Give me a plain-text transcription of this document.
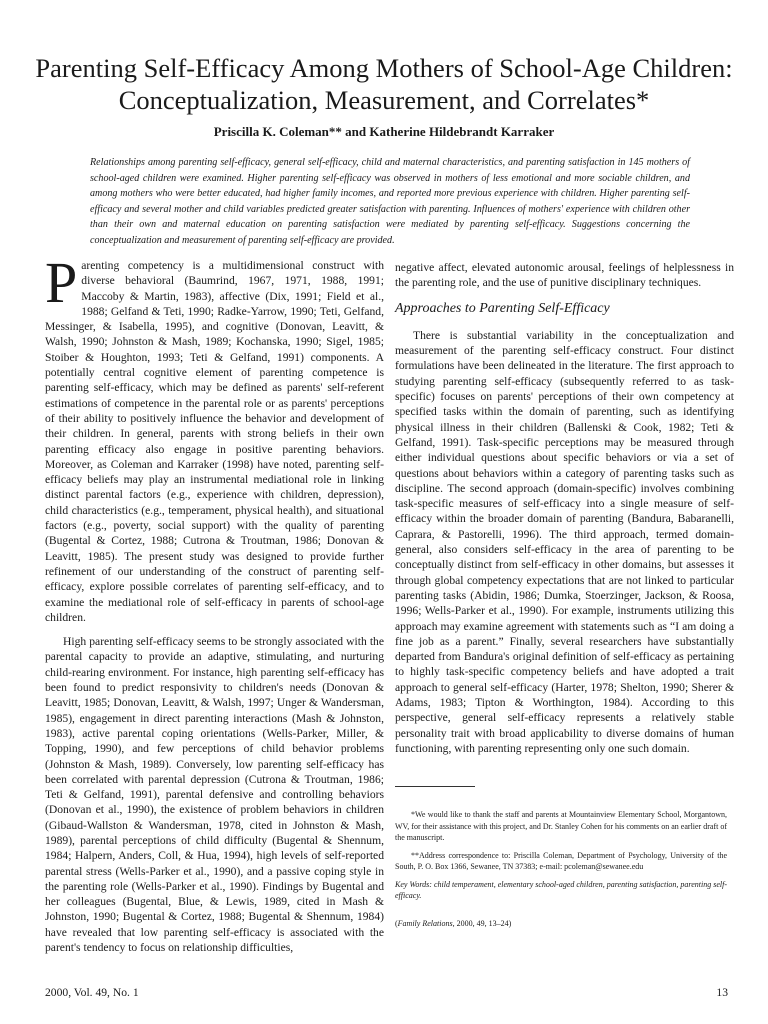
Parenting Self-Efficacy Among Mothers of School-Age Children:
Conceptualization, Measurement, and Correlates*
Priscilla K. Coleman** and Katherine Hildebrandt Karraker

Relationships among parenting self-efficacy, general self-efficacy, child and maternal characteristics, and parenting satisfaction in 145 mothers of school-aged children were examined. Higher parenting self-efficacy was observed in mothers of less emotional and more sociable children, and among mothers who were better educated, had higher family incomes, and reported more previous experience with children. Higher parenting self-efficacy and several mother and child variables predicted greater satisfaction with parenting. Influences of mothers' experience with children other than their own and maternal education on parenting satisfaction were mediated by parenting self-efficacy. Suggestions concerning the conceptualization and measurement of parenting self-efficacy are provided.

Parenting competency is a multidimensional construct with diverse behavioral (Baumrind, 1967, 1971, 1988, 1991; Maccoby & Martin, 1983), affective (Dix, 1991; Field et al., 1988; Gelfand & Teti, 1990; Radke-Yarrow, 1990; Teti, Gelfand, Messinger, & Isabella, 1995), and cognitive (Donovan, Leavitt, & Walsh, 1990; Johnston & Mash, 1989; Kochanska, 1990; Sigel, 1985; Stoiber & Houghton, 1993; Teti & Gelfand, 1991) components. A potentially central cognitive element of parenting competence is parenting self-efficacy, which may be defined as parents' self-referent estimations of competence in the parental role or as parents' perceptions of their ability to positively influence the behavior and development of their children. In general, parents with strong beliefs in their own parenting efficacy also engage in positive parenting behaviors. Moreover, as Coleman and Karraker (1998) have noted, parenting self-efficacy beliefs may play an instrumental mediational role in linking distinct parental factors (e.g., experience with children, depression), child characteristics (e.g., temperament, physical health), and situational factors (e.g., poverty, social support) with the quality of parenting (Bugental & Cortez, 1988; Cutrona & Troutman, 1986; Donovan & Leavitt, 1985). The present study was designed to provide further refinement of our understanding of the construct of parenting self-efficacy, explore possible correlates of parenting self-efficacy, and to examine the mediational role of self-efficacy in parents of school-age children.

High parenting self-efficacy seems to be strongly associated with the parental capacity to provide an adaptive, stimulating, and nurturing child-rearing environment. For instance, high parenting self-efficacy has been found to predict responsivity to children's needs (Donovan & Leavitt, 1985; Donovan, Leavitt, & Walsh, 1997; Unger & Wandersman, 1985), engagement in direct parenting interactions (Mash & Johnston, 1983), active parental coping orientations (Wells-Parker, Miller, & Topping, 1990), and few perceptions of child behavior problems (Johnston & Mash, 1989). Conversely, low parenting self-efficacy has been correlated with parental depression (Cutrona & Troutman, 1986; Teti & Gelfand, 1991), parental defensive and controlling behaviors (Donovan et al., 1990), the existence of problem behaviors in children (Gibaud-Wallston & Wandersman, 1978, cited in Johnston & Mash, 1989), parental perceptions of child difficulty (Bugental & Shennum, 1984; Halpern, Anders, Coll, & Hua, 1994), high levels of self-reported parental stress (Wells-Parker et al., 1990), and a passive coping style in the parenting role (Wells-Parker et al., 1990). Findings by Bugental and her colleagues (Bugental, Blue, & Lewis, 1989, cited in Mash & Johnston, 1990; Bugental & Cortez, 1988; Bugental & Shennum, 1984) have revealed that low parenting self-efficacy is associated with the parent's tendency to focus on relationship difficulties,

negative affect, elevated autonomic arousal, feelings of helplessness in the parenting role, and the use of punitive disciplinary techniques.

Approaches to Parenting Self-Efficacy

There is substantial variability in the conceptualization and measurement of the parenting self-efficacy construct. Four distinct formulations have been delineated in the literature. The first approach to studying parenting self-efficacy (subsequently referred to as task-specific) focuses on parents' perceptions of their own competency at specified tasks within the domain of parenting, such as identifying physical illness in their children (Ballenski & Cook, 1982; Teti & Gelfand, 1991). Task-specific perceptions may be measured through either individual questions about specific behaviors or via a set of questions about behaviors within a category of parenting tasks such as discipline. The second approach (domain-specific) involves combining task-specific measures of self-efficacy into a single measure of self-efficacy within the broader domain of parenting (Bandura, Babaranelli, Caprara, & Pastorelli, 1996). The third approach, termed domain-general, also considers self-efficacy in the area of parenting to be conceptually distinct from self-efficacy in other domains, but assesses it through global competency expectations that are not linked to particular parenting tasks (Abidin, 1986; Dumka, Stoerzinger, Jackson, & Roosa, 1996; Wells-Parker et al., 1990). For example, instruments utilizing this approach may examine agreement with statements such as “I am doing a fine job as a parent.” Finally, several researchers have substantially departed from Bandura's original definition of self-efficacy as pertaining to highly task-specific competency beliefs and have adopted a trait approach to general self-efficacy (Harter, 1978; Shelton, 1990; Sherer & Adams, 1983; Tipton & Worthington, 1984). According to this perspective, general self-efficacy represents a relatively stable personality trait with broad applicability to diverse domains of human functioning, with parenting representing only one such domain.

*We would like to thank the staff and parents at Mountainview Elementary School, Morgantown, WV, for their assistance with this project, and Dr. Stanley Cohen for his comments on an earlier draft of the manuscript.

**Address correspondence to: Priscilla Coleman, Department of Psychology, University of the South, P. O. Box 1366, Sewanee, TN 37383; e-mail: pcoleman@sewanee.edu

Key Words: child temperament, elementary school-aged children, parenting satisfaction, parenting self-efficacy.

(Family Relations, 2000, 49, 13–24)

2000, Vol. 49, No. 1	13
